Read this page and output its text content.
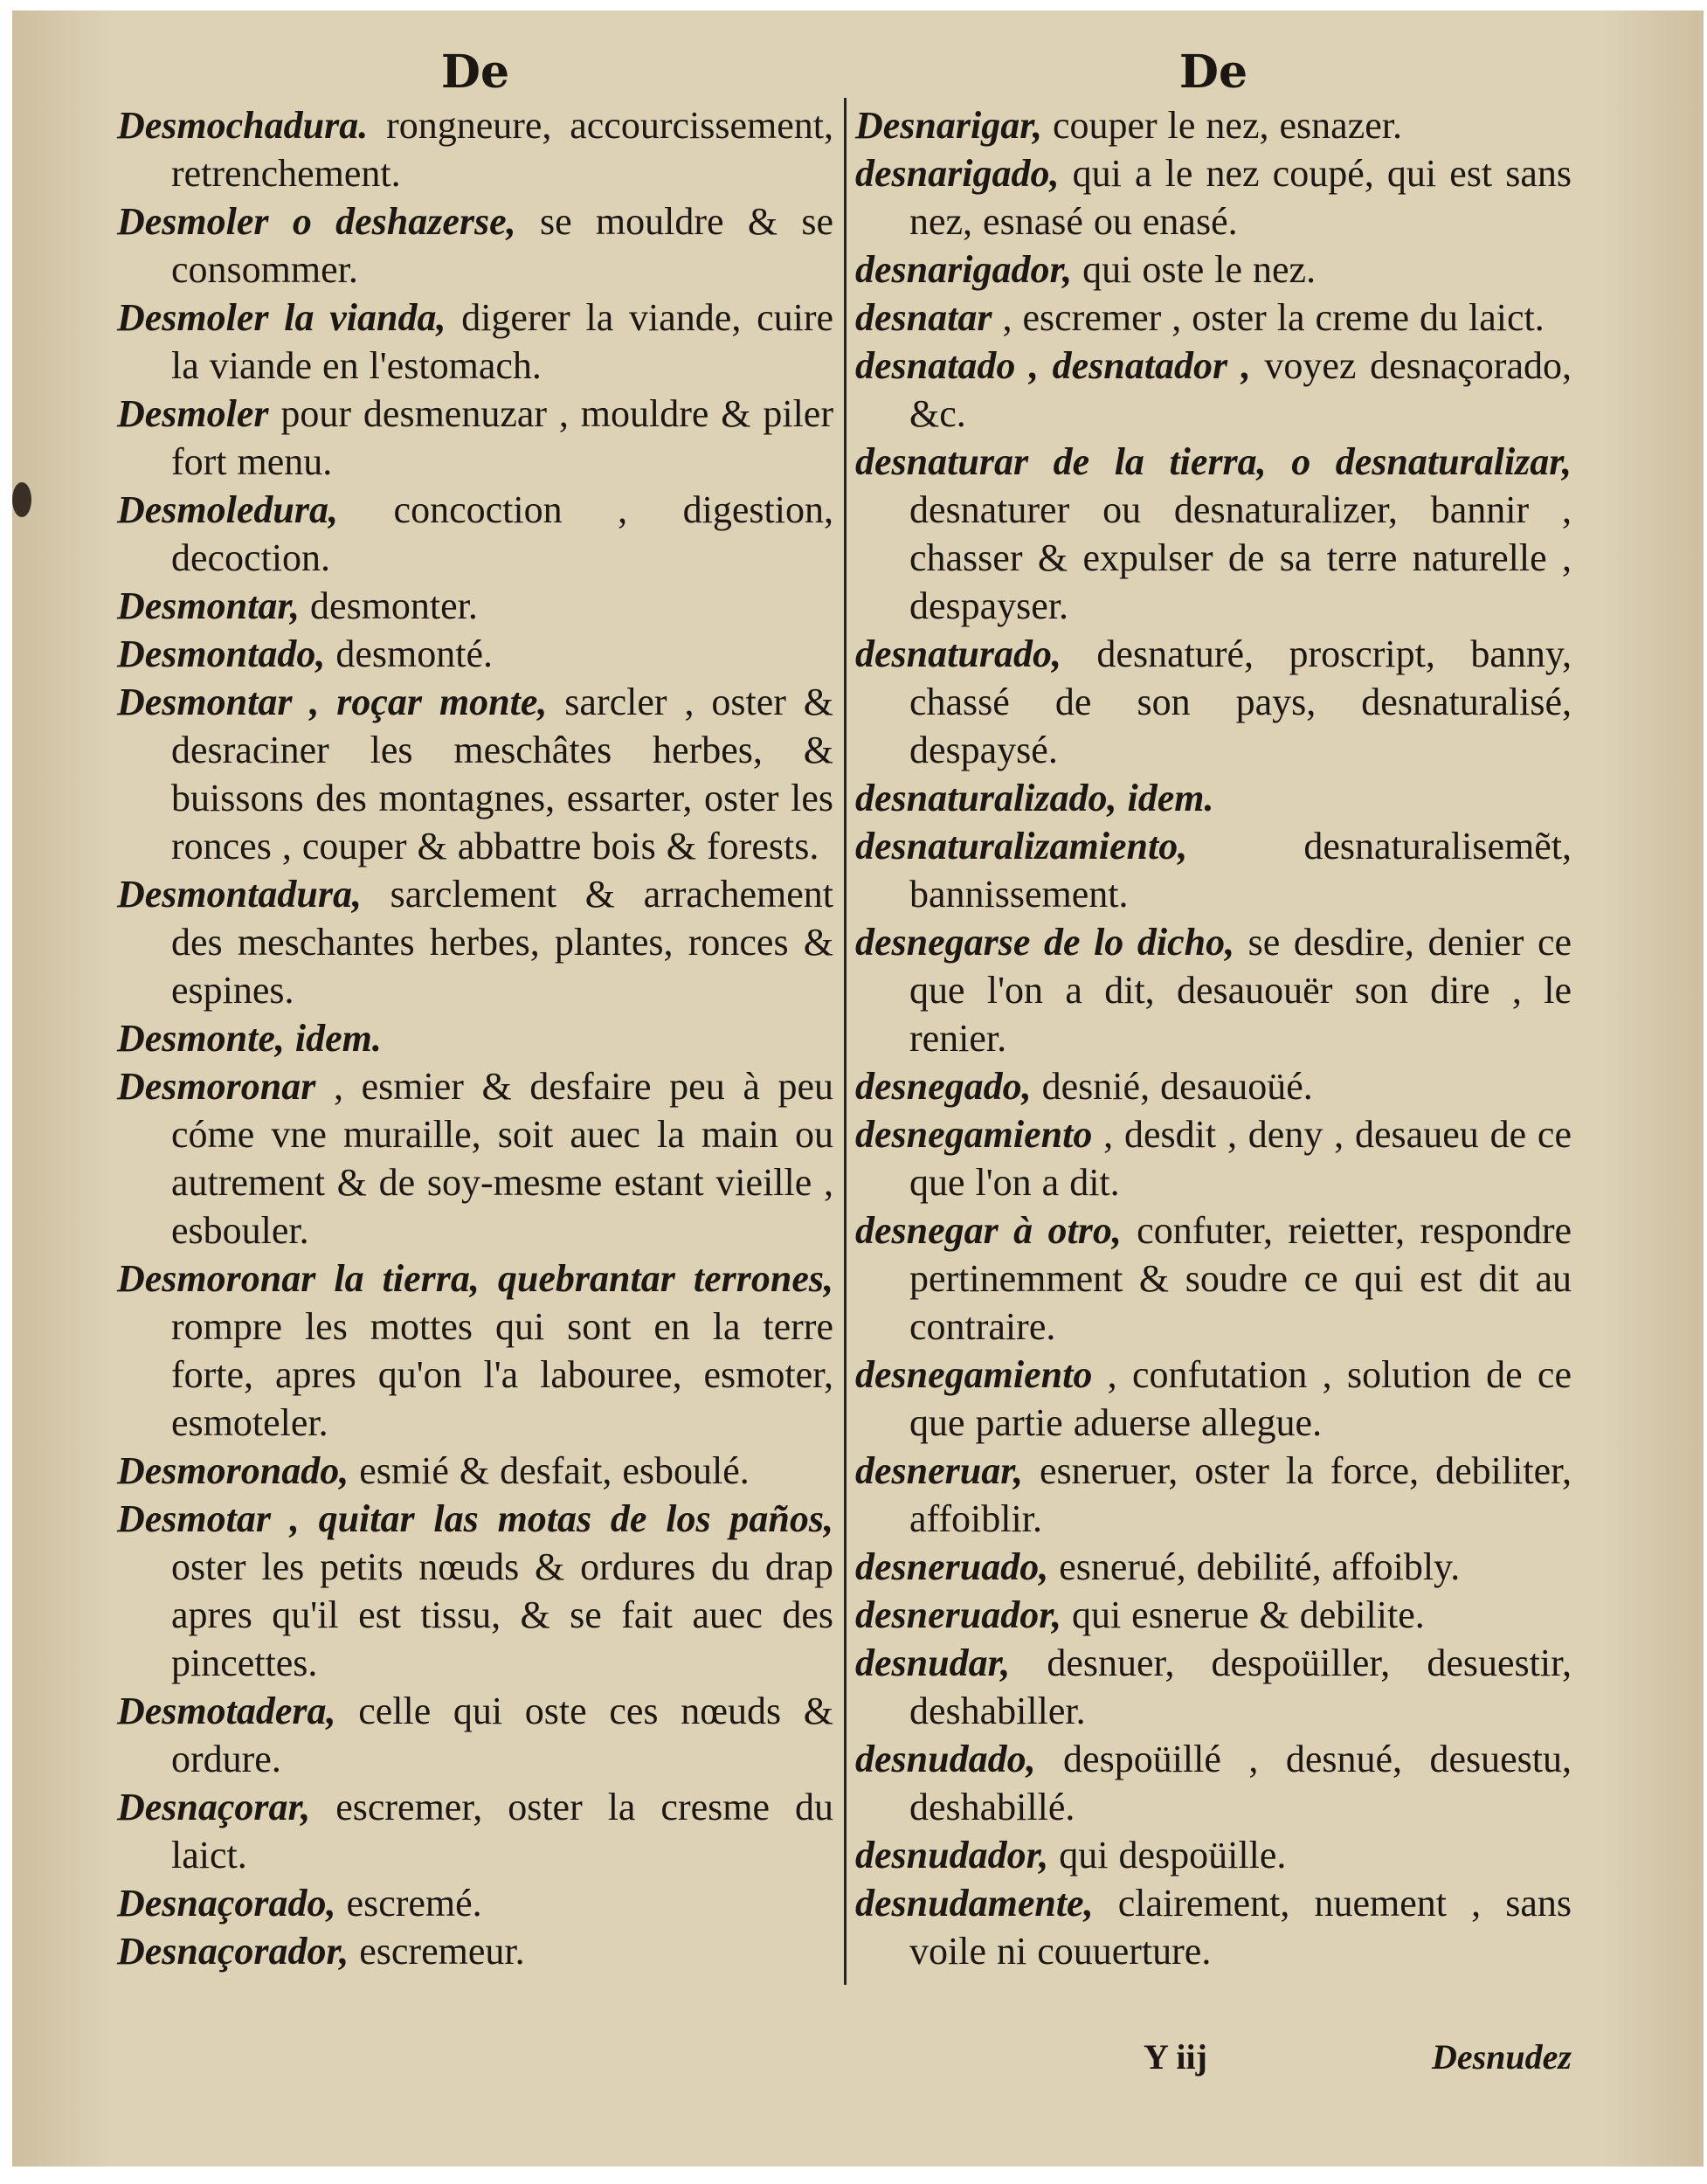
De
Desmochadura. rongneure, accourcissement, retrenchement.
Desmoler o deshazerse, se mouldre & se consommer.
Desmoler la vianda, digerer la viande, cuire la viande en l'estomach.
Desmoler pour desmenuzar , mouldre & piler fort menu.
Desmoledura, concoction , digestion, decoction.
Desmontar, desmonter.
Desmontado, desmonté.
Desmontar , roçar monte, sarcler , oster & desraciner les meschâtes herbes, & buissons des montagnes, essarter, oster les ronces , couper & abbattre bois & forests.
Desmontadura, sarclement & arrachement des meschantes herbes, plantes, ronces & espines.
Desmonte, idem.
Desmoronar , esmier & desfaire peu à peu cóme vne muraille, soit auec la main ou autrement & de soy-mesme estant vieille , esbouler.
Desmoronar la tierra, quebrantar terrones, rompre les mottes qui sont en la terre forte, apres qu'on l'a labouree, esmoter, esmoteler.
Desmoronado, esmié & desfait, esboulé.
Desmotar , quitar las motas de los paños, oster les petits nœuds & ordures du drap apres qu'il est tissu, & se fait auec des pincettes.
Desmotadera, celle qui oste ces nœuds & ordure.
Desnaçorar, escremer, oster la cresme du laict.
Desnaçorado, escremé.
Desnaçorador, escremeur.
De
Desnarigar, couper le nez, esnazer.
desnarigado, qui a le nez coupé, qui est sans nez, esnasé ou enasé.
desnarigador, qui oste le nez.
desnatar , escremer , oster la creme du laict.
desnatado , desnatador , voyez desnaçorado, &c.
desnaturar de la tierra, o desnaturalizar, desnaturer ou desnaturalizer, bannir , chasser & expulser de sa terre naturelle , despayser.
desnaturado, desnaturé, proscript, banny, chassé de son pays, desnaturalisé, despaysé.
desnaturalizado, idem.
desnaturalizamiento, desnaturalisemẽt, bannissement.
desnegarse de lo dicho, se desdire, denier ce que l'on a dit, desauouër son dire , le renier.
desnegado, desnié, desauoüé.
desnegamiento , desdit , deny , desaueu de ce que l'on a dit.
desnegar à otro, confuter, reietter, respondre pertinemment & soudre ce qui est dit au contraire.
desnegamiento , confutation , solution de ce que partie aduerse allegue.
desneruar, esneruer, oster la force, debiliter, affoiblir.
desneruado, esnerué, debilité, affoibly.
desneruador, qui esnerue & debilite.
desnudar, desnuer, despoüiller, desuestir, deshabiller.
desnudado, despoüillé , desnué, desuestu, deshabillé.
desnudador, qui despoüille.
desnudamente, clairement, nuement , sans voile ni couuerture.
Y iij	Desnudez
